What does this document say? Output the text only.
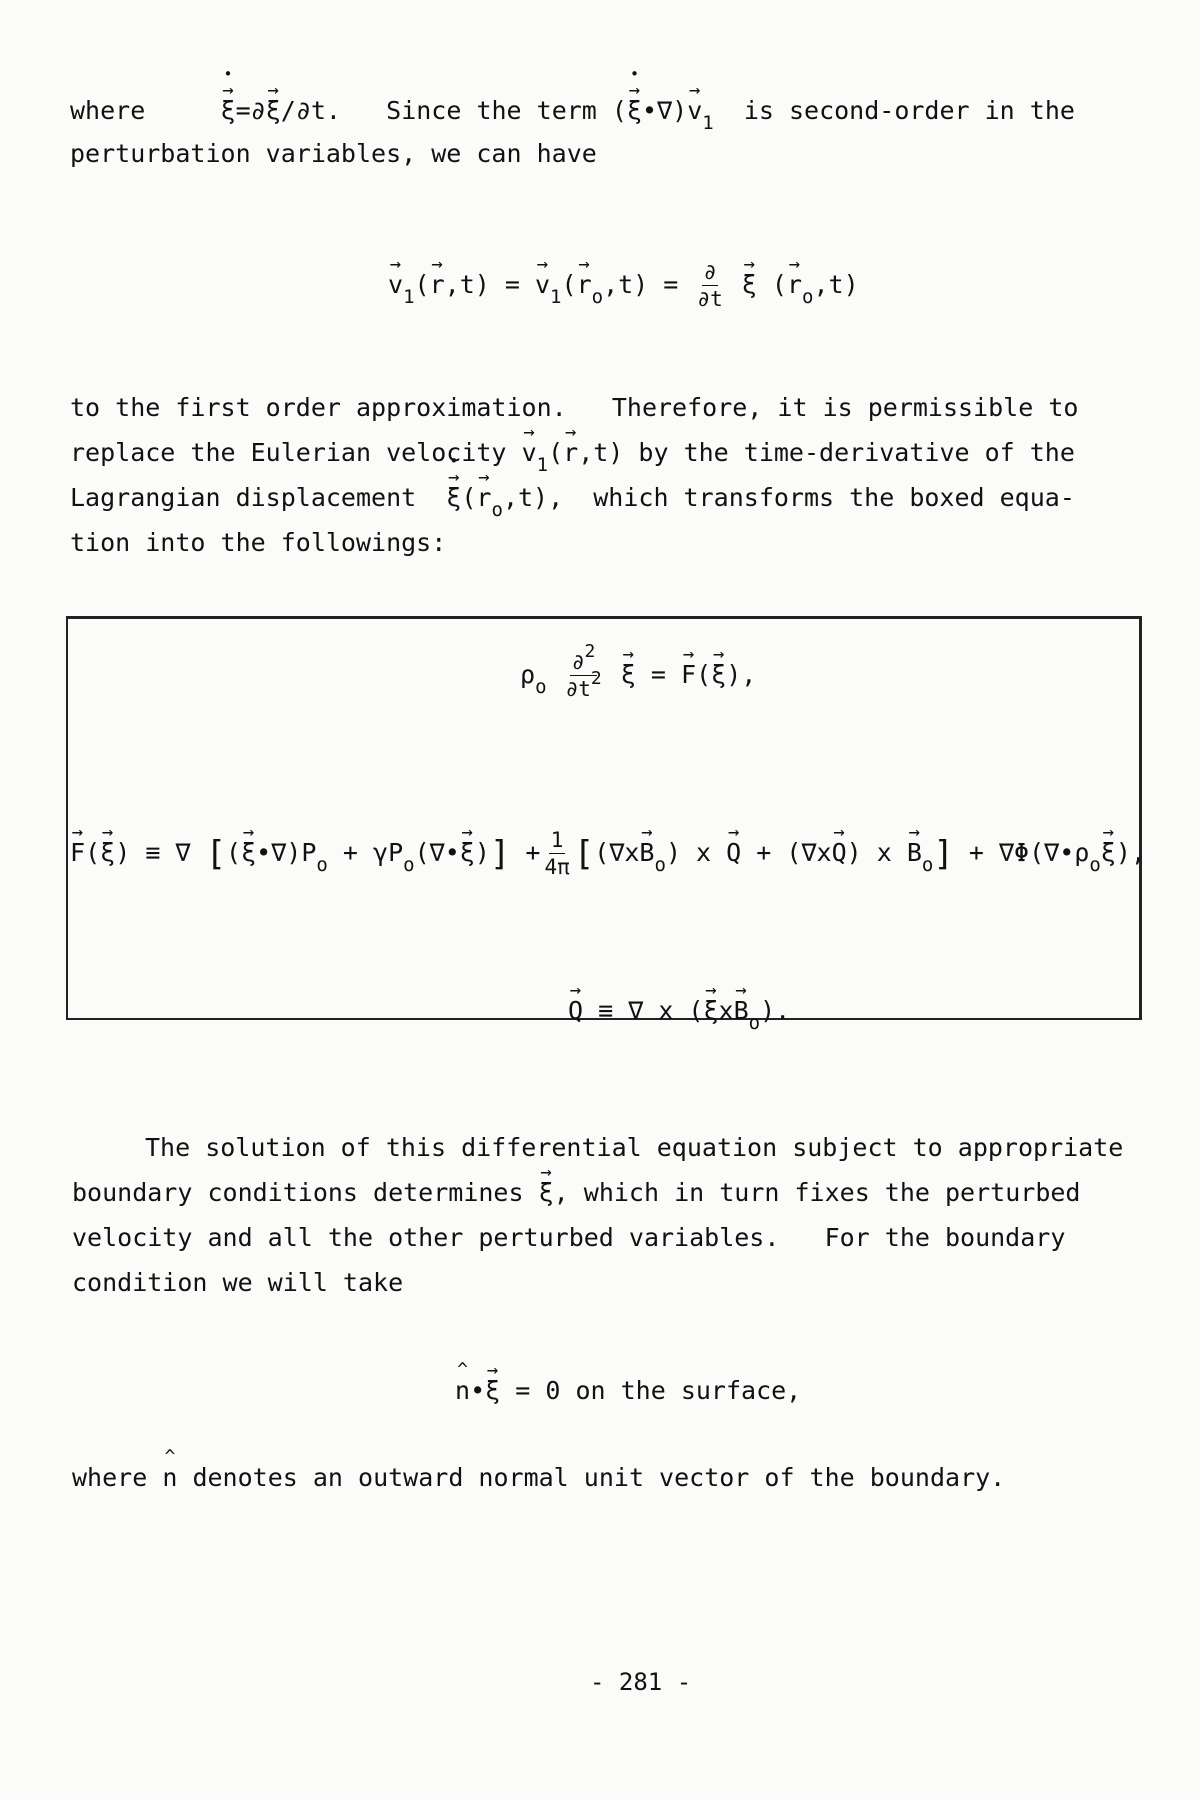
where     →	ξ •=∂→ ξ/∂t. Since the term (→ ξ ••∇)→ $v_1$ is second-order in the
perturbation variables, we can have
→ $v_1(\to r,t)$ = → $v_1(\to r_o,t) = \frac{\partial}{\partial t}$
→ ξ (→ $r_o,t$)
to the first order approximation.   Therefore, it is permissible to
replace the Eulerian velocity → $v_1(\to r,t)$ by the time-derivative of the
Lagrangian displacement  → ξ •(→ $r_o,t$),  which transforms the boxed equa-
tion into the followings:
$\rho_o \frac{\partial 2}{\partial t2}$
→ ξ = → F(→ ξ),
→ F(→ ξ) ≡ ∇ [(→ $\xi•\nabla)P_o$ + $\gamma P_o(\nabla•\to \xi)] + \frac{1}{4\pi} [(\nabla x\to B_o) x \to Q + (\nabla x\to Q) x \to B_o]$ + $\nabla\Phi(\nabla•\rho_o\to \xi)$,
→ Q ≡ ∇ x (→ $\xi x\to B_o$).
The solution of this differential equation subject to appropriate
boundary conditions determines → ξ, which in turn fixes the perturbed
velocity and all the other perturbed variables.   For the boundary
condition we will take
^ n•→ ξ = 0 on the surface,
where ^ n denotes an outward normal unit vector of the boundary.
- 281 -
